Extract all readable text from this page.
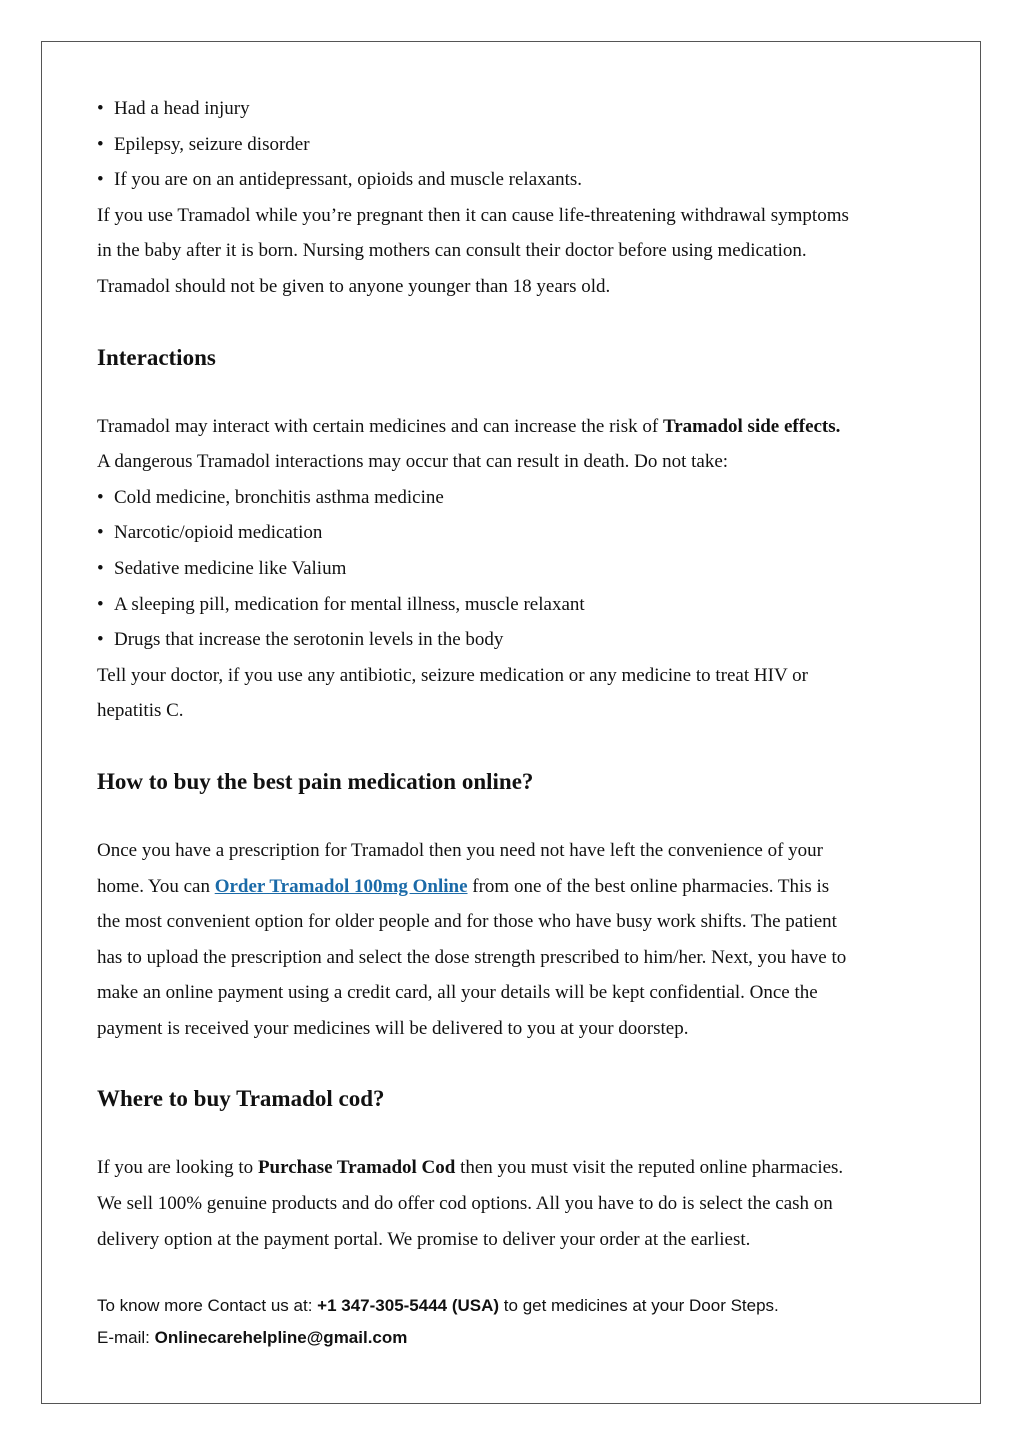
• Had a head injury
• Epilepsy, seizure disorder
• If you are on an antidepressant, opioids and muscle relaxants.
If you use Tramadol while you’re pregnant then it can cause life-threatening withdrawal symptoms
in the baby after it is born. Nursing mothers can consult their doctor before using medication.
Tramadol should not be given to anyone younger than 18 years old.
Interactions
Tramadol may interact with certain medicines and can increase the risk of Tramadol side effects.
A dangerous Tramadol interactions may occur that can result in death. Do not take:
• Cold medicine, bronchitis asthma medicine
• Narcotic/opioid medication
• Sedative medicine like Valium
• A sleeping pill, medication for mental illness, muscle relaxant
• Drugs that increase the serotonin levels in the body
Tell your doctor, if you use any antibiotic, seizure medication or any medicine to treat HIV or
hepatitis C.
How to buy the best pain medication online?
Once you have a prescription for Tramadol then you need not have left the convenience of your
home. You can Order Tramadol 100mg Online from one of the best online pharmacies. This is
the most convenient option for older people and for those who have busy work shifts. The patient
has to upload the prescription and select the dose strength prescribed to him/her. Next, you have to
make an online payment using a credit card, all your details will be kept confidential. Once the
payment is received your medicines will be delivered to you at your doorstep.
Where to buy Tramadol cod?
If you are looking to Purchase Tramadol Cod then you must visit the reputed online pharmacies.
We sell 100% genuine products and do offer cod options. All you have to do is select the cash on
delivery option at the payment portal. We promise to deliver your order at the earliest.
To know more Contact us at: +1 347-305-5444 (USA) to get medicines at your Door Steps.
E-mail: Onlinecarehelpline@gmail.com
